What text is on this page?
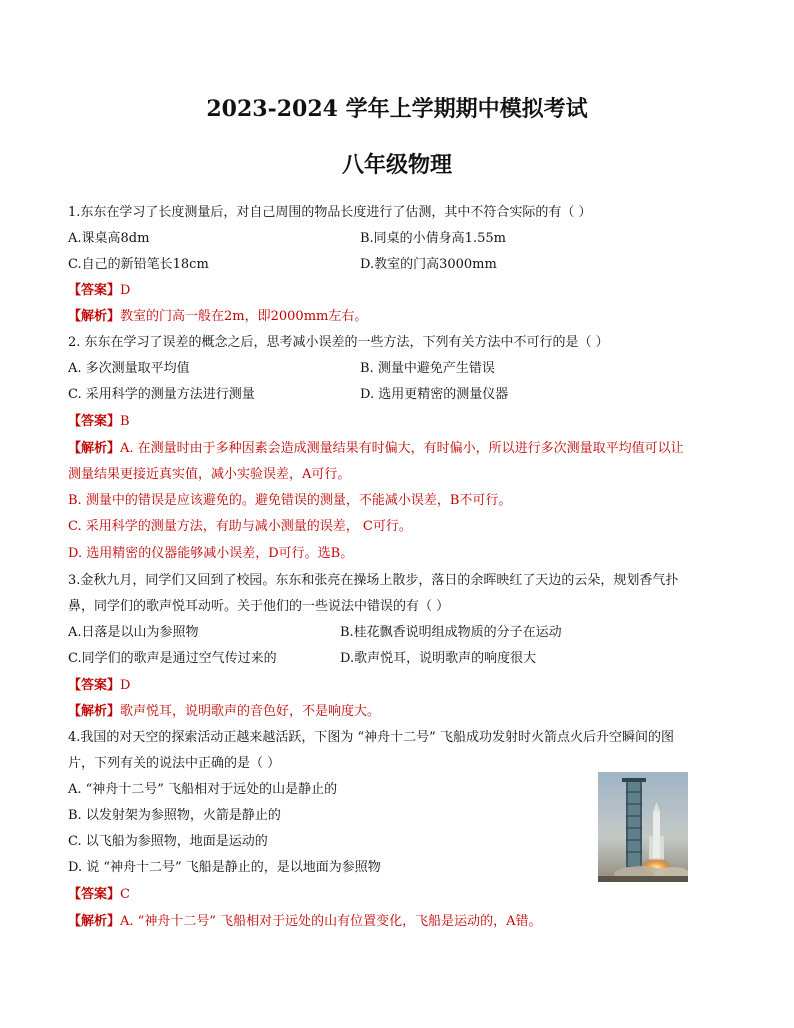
2023-2024 学年上学期期中模拟考试
八年级物理
1.东东在学习了长度测量后，对自己周围的物品长度进行了估测，其中不符合实际的有（ ）
A.课桌高8dm	B.同桌的小倩身高1.55m
C.自己的新铅笔长18cm	D.教室的门高3000mm
【答案】D
【解析】教室的门高一般在2m，即2000mm左右。
2. 东东在学习了误差的概念之后，思考减小误差的一些方法，下列有关方法中不可行的是（ ）
A. 多次测量取平均值	B. 测量中避免产生错误
C. 采用科学的测量方法进行测量	D. 选用更精密的测量仪器
【答案】B
【解析】A. 在测量时由于多种因素会造成测量结果有时偏大，有时偏小，所以进行多次测量取平均值可以让
测量结果更接近真实值，减小实验误差，A可行。
B. 测量中的错误是应该避免的。避免错误的测量，不能减小误差，B不可行。
C. 采用科学的测量方法，有助与减小测量的误差， C可行。
D. 选用精密的仪器能够减小误差，D可行。选B。
3.金秋九月，同学们又回到了校园。东东和张亮在操场上散步，落日的余晖映红了天边的云朵，规划香气扑
鼻，同学们的歌声悦耳动听。关于他们的一些说法中错误的有（ ）
A.日落是以山为参照物	B.桂花飘香说明组成物质的分子在运动
C.同学们的歌声是通过空气传过来的	D.歌声悦耳，说明歌声的响度很大
【答案】D
【解析】歌声悦耳，说明歌声的音色好，不是响度大。
4.我国的对天空的探索活动正越来越活跃，下图为 “神舟十二号” 飞船成功发射时火箭点火后升空瞬间的图
片，下列有关的说法中正确的是（ ）
A. “神舟十二号” 飞船相对于远处的山是静止的
B. 以发射架为参照物，火箭是静止的
C. 以飞船为参照物，地面是运动的
D. 说 “神舟十二号” 飞船是静止的，是以地面为参照物
【答案】C
【解析】A. “神舟十二号” 飞船相对于远处的山有位置变化，飞船是运动的，A错。
